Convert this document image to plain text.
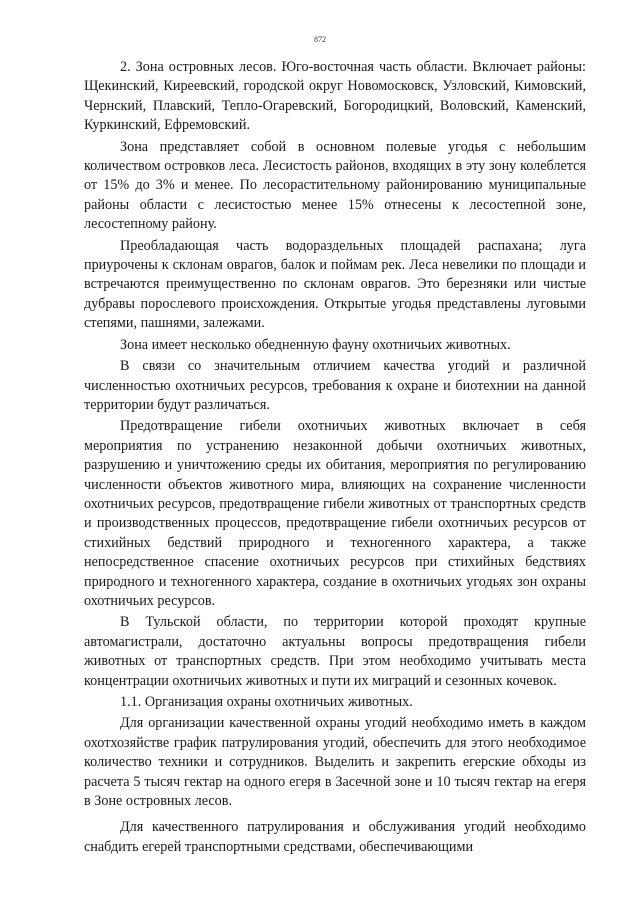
872

2. Зона островных лесов. Юго-восточная часть области. Включает районы: Щекинский, Киреевский, городской округ Новомосковск, Узловский, Кимовский, Чернский, Плавский, Тепло-Огаревский, Богородицкий, Воловский, Каменский, Куркинский, Ефремовский.

Зона представляет собой в основном полевые угодья с небольшим количеством островков леса. Лесистость районов, входящих в эту зону колеблется от 15% до 3% и менее. По лесорастительному районированию муниципальные районы области с лесистостью менее 15% отнесены к лесостепной зоне, лесостепному району.

Преобладающая часть водораздельных площадей распахана; луга приурочены к склонам оврагов, балок и поймам рек. Леса невелики по площади и встречаются преимущественно по склонам оврагов. Это березняки или чистые дубравы порослевого происхождения. Открытые угодья представлены луговыми степями, пашнями, залежами.

Зона имеет несколько обедненную фауну охотничьих животных.

В связи со значительным отличием качества угодий и различной численностью охотничьих ресурсов, требования к охране и биотехнии на данной территории будут различаться.

Предотвращение гибели охотничьих животных включает в себя мероприятия по устранению незаконной добычи охотничьих животных, разрушению и уничтожению среды их обитания, мероприятия по регулированию численности объектов животного мира, влияющих на сохранение численности охотничьих ресурсов, предотвращение гибели животных от транспортных средств и производственных процессов, предотвращение гибели охотничьих ресурсов от стихийных бедствий природного и техногенного характера, а также непосредственное спасение охотничьих ресурсов при стихийных бедствиях природного и техногенного характера, создание в охотничьих угодьях зон охраны охотничьих ресурсов.

В Тульской области, по территории которой проходят крупные автомагистрали, достаточно актуальны вопросы предотвращения гибели животных от транспортных средств. При этом необходимо учитывать места концентрации охотничьих животных и пути их миграций и сезонных кочевок.

1.1. Организация охраны охотничьих животных.

Для организации качественной охраны угодий необходимо иметь в каждом охотхозяйстве график патрулирования угодий, обеспечить для этого необходимое количество техники и сотрудников. Выделить и закрепить егерские обходы из расчета 5 тысяч гектар на одного егеря в Засечной зоне и 10 тысяч гектар на егеря в Зоне островных лесов.

Для качественного патрулирования и обслуживания угодий необходимо снабдить егерей транспортными средствами, обеспечивающими
